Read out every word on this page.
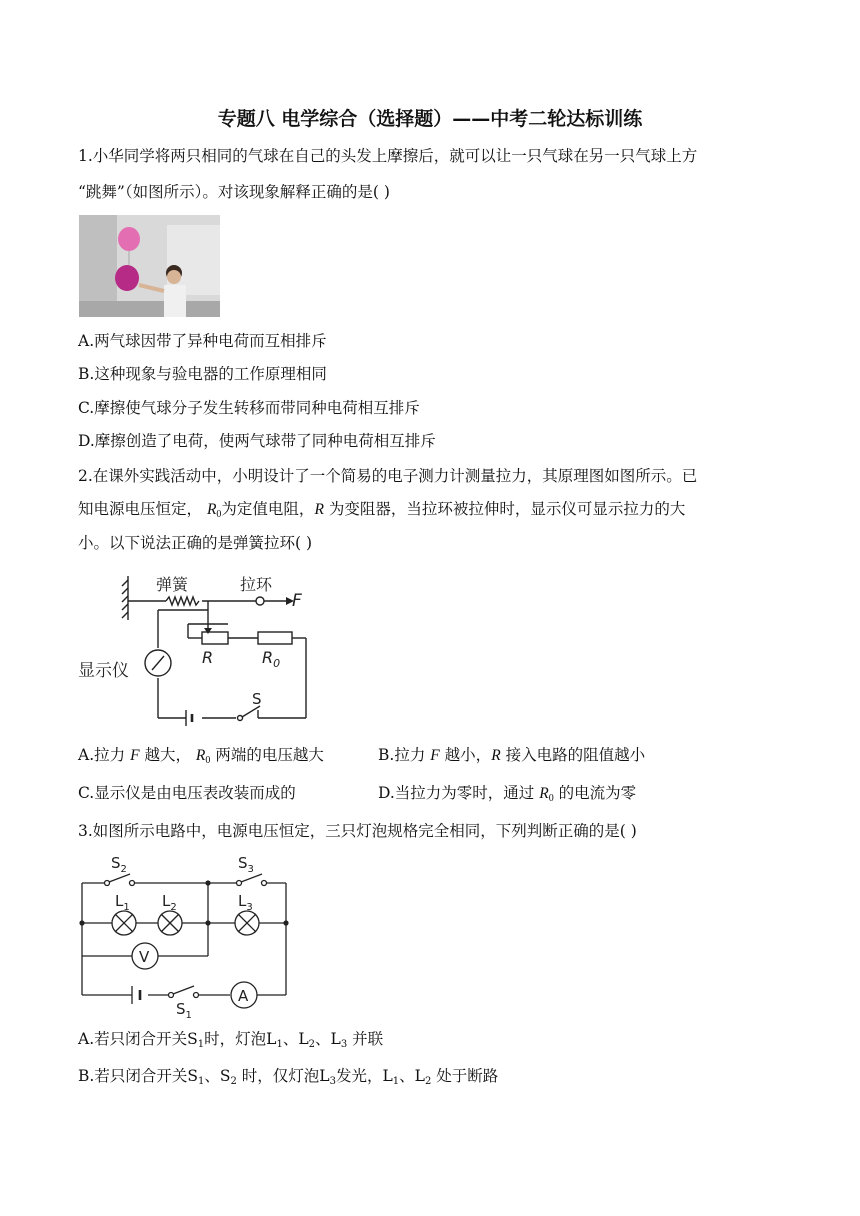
专题八 电学综合（选择题）——中考二轮达标训练
1.小华同学将两只相同的气球在自己的头发上摩擦后，就可以让一只气球在另一只气球上方
“跳舞”（如图所示）。对该现象解释正确的是( )
A.两气球因带了异种电荷而互相排斥
B.这种现象与验电器的工作原理相同
C.摩擦使气球分子发生转移而带同种电荷相互排斥
D.摩擦创造了电荷，使两气球带了同种电荷相互排斥
2.在课外实践活动中，小明设计了一个简易的电子测力计测量拉力，其原理图如图所示。已
知电源电压恒定， $R_0$为定值电阻，R 为变阻器，当拉环被拉伸时，显示仪可显示拉力的大
小。以下说法正确的是弹簧拉环( )
弹簧	拉环
F
R	$R_0$
显示仪
S
A.拉力 F 越大， $R_0$ 两端的电压越大	B.拉力 F 越小，R 接入电路的阻值越小
C.显示仪是由电压表改装而成的	D.当拉力为零时，通过 $R_0$ 的电流为零
3.如图所示电路中，电源电压恒定，三只灯泡规格完全相同，下列判断正确的是( )
$S_2$	$S_3$
$L_1$ $L_2$	$L_3$
V
A
$S_1$
A.若只闭合开关$S_1$时，灯泡$L_1$、$L_2$、$L_3$ 并联
B.若只闭合开关$S_1$、$S_2$ 时，仅灯泡$L_3$发光，$L_1$、$L_2$ 处于断路
